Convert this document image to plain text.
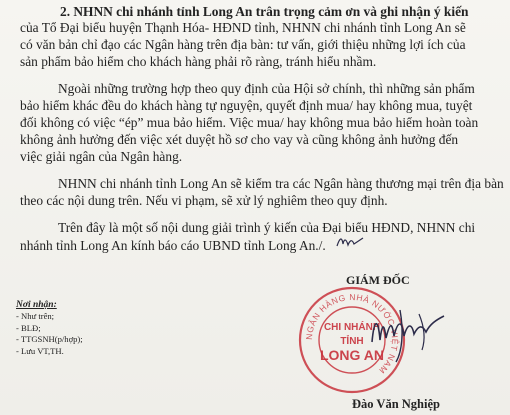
2. NHNN chi nhánh tỉnh Long An trân trọng cảm ơn và ghi nhận ý kiến
của Tổ Đại biểu huyện Thạnh Hóa- HĐND tỉnh, NHNN chi nhánh tỉnh Long An sẽ
có văn bản chỉ đạo các Ngân hàng trên địa bàn: tư vấn, giới thiệu những lợi ích của
sản phẩm bảo hiểm cho khách hàng phải rõ ràng, tránh hiểu nhầm.
Ngoài những trường hợp theo quy định của Hội sở chính, thì những sản phẩm
bảo hiểm khác đều do khách hàng tự nguyện, quyết định mua/ hay không mua, tuyệt
đối không có việc “ép” mua bảo hiểm. Việc mua/ hay không mua bảo hiểm hoàn toàn
không ảnh hưởng đến việc xét duyệt hồ sơ cho vay và cũng không ảnh hưởng đến
việc giải ngân của Ngân hàng.
NHNN chi nhánh tỉnh Long An sẽ kiểm tra các Ngân hàng thương mại trên địa bàn
theo các nội dung trên. Nếu vi phạm, sẽ xử lý nghiêm theo quy định.
Trên đây là một số nội dung giải trình ý kiến của Đại biểu HĐND, NHNN chi
nhánh tỉnh Long An kính báo cáo UBND tỉnh Long An./.
GIÁM ĐỐC
Nơi nhận:
- Như trên;
- BLĐ;
- TTGSNH(p/hợp);
- Lưu VT,TH.
NGÂN HÀNG NHÀ NƯỚC VIỆT NAM
CHI NHÁNH
TỈNH
LONG AN
Đào Văn Nghiệp
